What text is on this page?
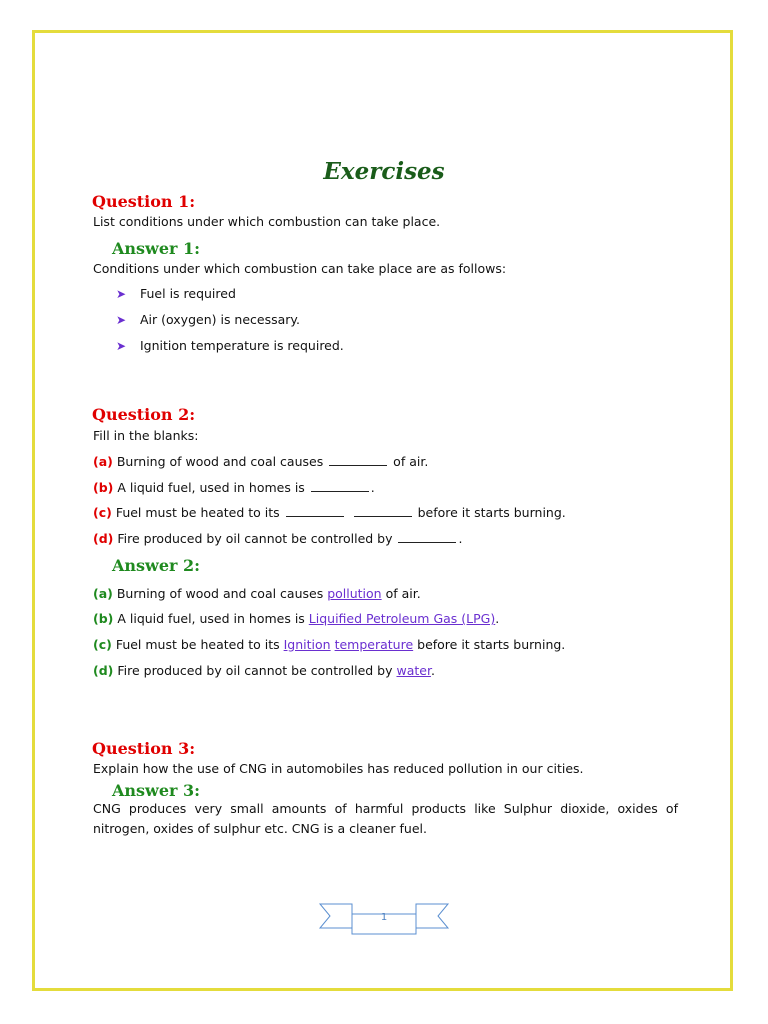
Exercises
Question 1:

List conditions under which combustion can take place.

Answer 1:

Conditions under which combustion can take place are as follows:

➤ Fuel is required
➤ Air (oxygen) is necessary.
➤ Ignition temperature is required.
Question 2:

Fill in the blanks:

(a) Burning of wood and coal causes	of air.

(b) A liquid fuel, used in homes is	.

(c) Fuel must be heated to its	before it starts burning.

(d) Fire produced by oil cannot be controlled by	.

Answer 2:

(a) Burning of wood and coal causes pollution of air.

(b) A liquid fuel, used in homes is Liquified Petroleum Gas (LPG).

(c) Fuel must be heated to its Ignition temperature before it starts burning.

(d) Fire produced by oil cannot be controlled by water.

Question 3:

Explain how the use of CNG in automobiles has reduced pollution in our cities.

Answer 3:

CNG produces very small amounts of harmful products like Sulphur dioxide, oxides of nitrogen, oxides of sulphur etc. CNG is a cleaner fuel.

1
